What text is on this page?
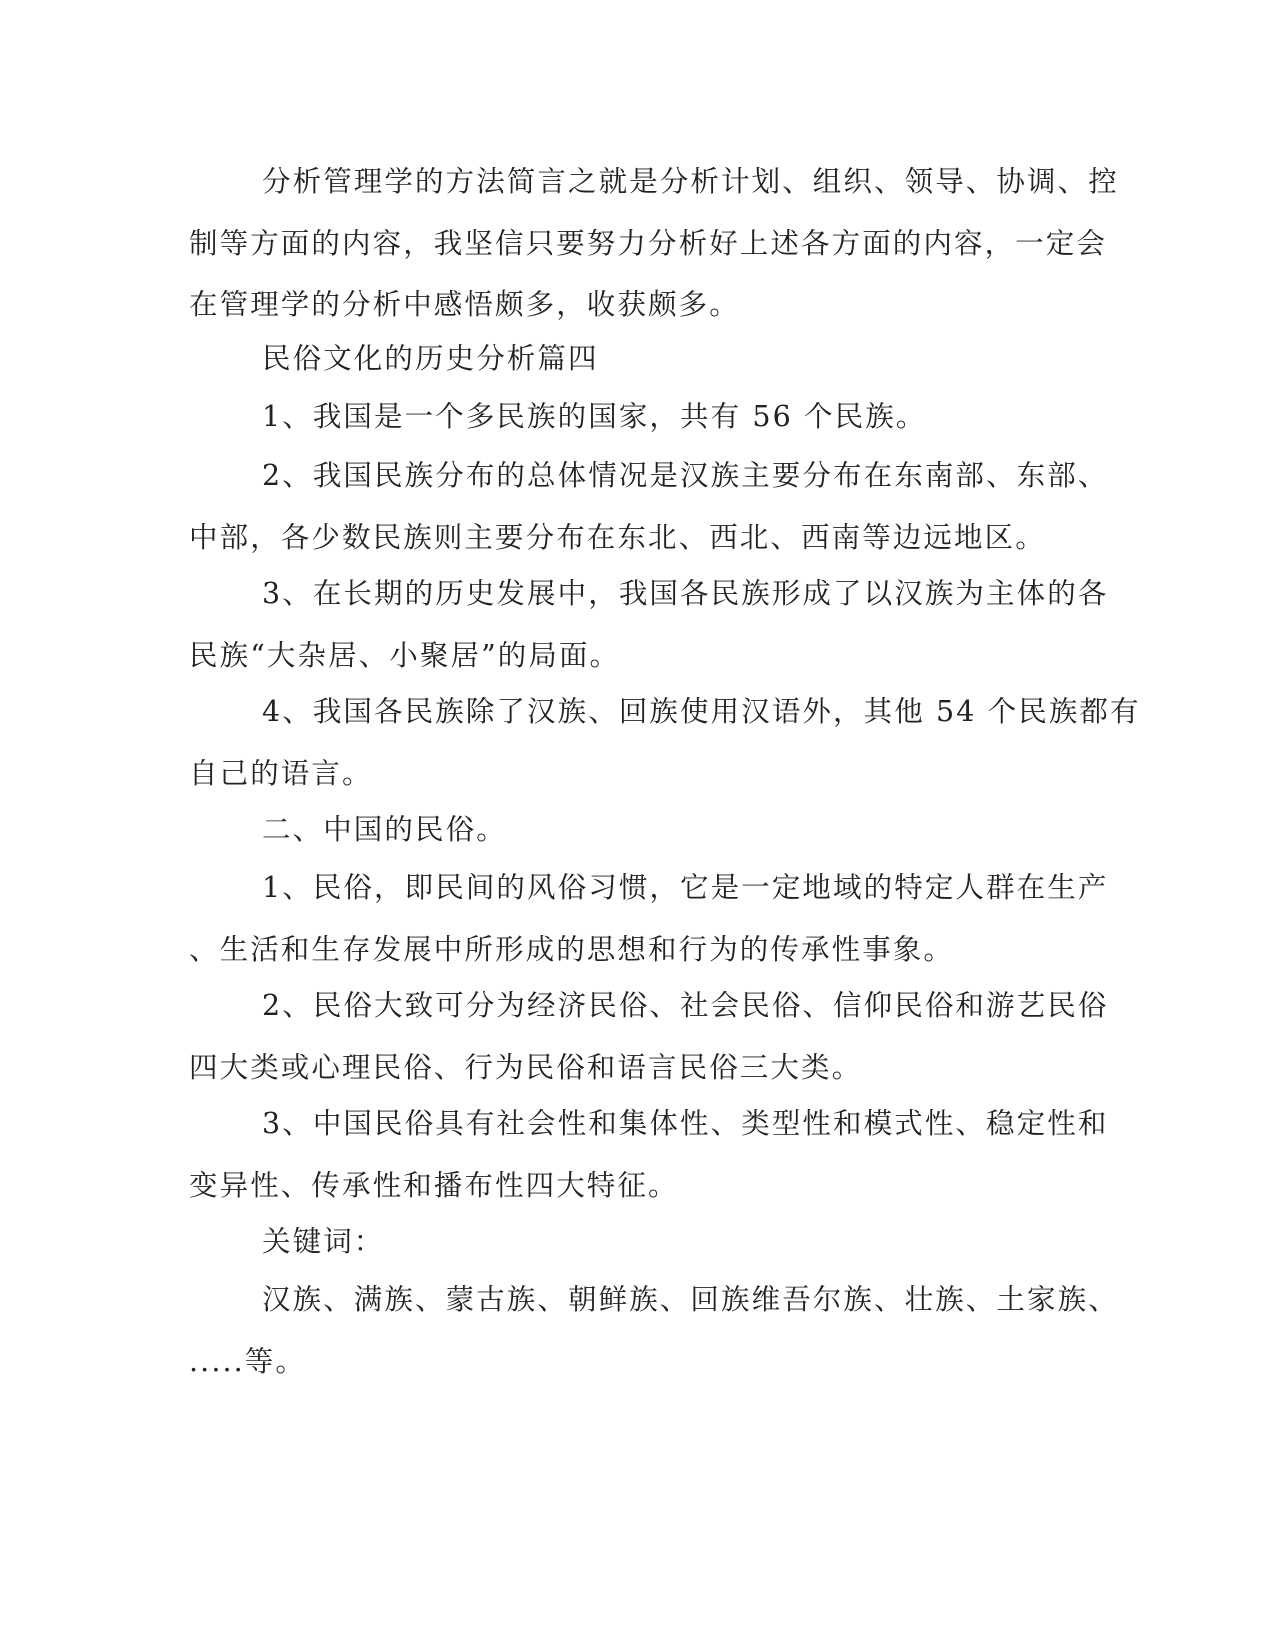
分析管理学的方法简言之就是分析计划、组织、领导、协调、控
制等方面的内容，我坚信只要努力分析好上述各方面的内容，一定会
在管理学的分析中感悟颇多，收获颇多。
民俗文化的历史分析篇四
1、我国是一个多民族的国家，共有 56 个民族。
2、我国民族分布的总体情况是汉族主要分布在东南部、东部、
中部，各少数民族则主要分布在东北、西北、西南等边远地区。
3、在长期的历史发展中，我国各民族形成了以汉族为主体的各
民族“大杂居、小聚居”的局面。
4、我国各民族除了汉族、回族使用汉语外，其他 54 个民族都有
自己的语言。
二、中国的民俗。
1、民俗，即民间的风俗习惯，它是一定地域的特定人群在生产
、生活和生存发展中所形成的思想和行为的传承性事象。
2、民俗大致可分为经济民俗、社会民俗、信仰民俗和游艺民俗
四大类或心理民俗、行为民俗和语言民俗三大类。
3、中国民俗具有社会性和集体性、类型性和模式性、稳定性和
变异性、传承性和播布性四大特征。
关键词：
汉族、满族、蒙古族、朝鲜族、回族维吾尔族、壮族、土家族、
.....等。
